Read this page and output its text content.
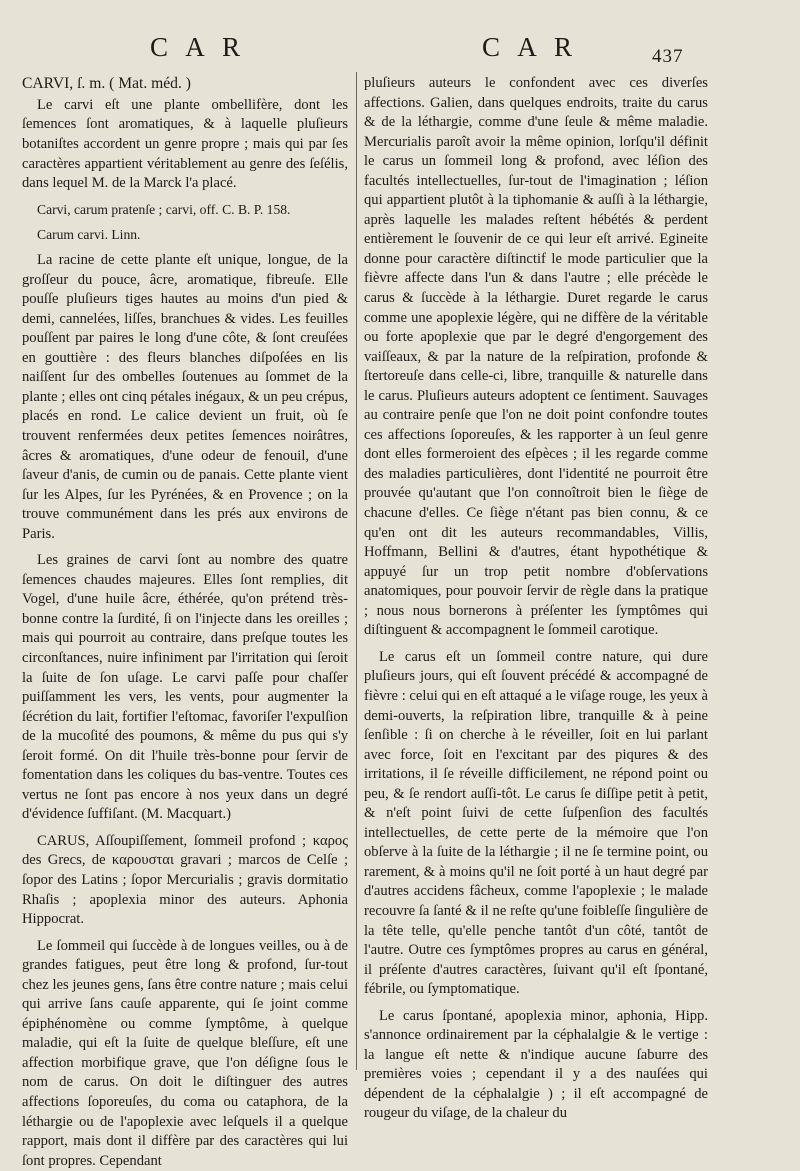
C A R	C A R	437

CARVI, ſ. m. ( Mat. méd. )

Le carvi eſt une plante ombellifère, dont les ſemences ſont aromatiques, & à laquelle pluſieurs botaniſtes accordent un genre propre ; mais qui par ſes caractères appartient véritablement au genre des ſeſélis, dans lequel M. de la Marck l'a placé.

Carvi, carum pratenſe ; carvi, off. C. B. P. 158.

Carum carvi. Linn.

La racine de cette plante eſt unique, longue, de la groſſeur du pouce, âcre, aromatique, fibreuſe. Elle pouſſe pluſieurs tiges hautes au moins d'un pied & demi, cannelées, liſſes, branchues & vides. Les feuilles pouſſent par paires le long d'une côte, & ſont creuſées en gouttière : des fleurs blanches diſpoſées en lis naiſſent ſur des ombelles ſoutenues au ſommet de la plante ; elles ont cinq pétales inégaux, & un peu crépus, placés en rond. Le calice devient un fruit, où ſe trouvent renfermées deux petites ſemences noirâtres, âcres & aromatiques, d'une odeur de fenouil, d'une ſaveur d'anis, de cumin ou de panais. Cette plante vient ſur les Alpes, ſur les Pyrénées, & en Provence ; on la trouve communément dans les prés aux environs de Paris.

Les graines de carvi ſont au nombre des quatre ſemences chaudes majeures. Elles ſont remplies, dit Vogel, d'une huile âcre, éthérée, qu'on prétend très-bonne contre la ſurdité, ſi on l'injecte dans les oreilles ; mais qui pourroit au contraire, dans preſque toutes les circonſtances, nuire infiniment par l'irritation qui ſeroit la ſuite de ſon uſage. Le carvi paſſe pour chaſſer puiſſamment les vers, les vents, pour augmenter la ſécrétion du lait, fortifier l'eſtomac, favoriſer l'expulſion de la mucoſité des poumons, & même du pus qui s'y ſeroit formé. On dit l'huile très-bonne pour ſervir de fomentation dans les coliques du bas-ventre. Toutes ces vertus ne ſont pas encore à nos yeux dans un degré d'évidence ſuffiſant. (M. Macquart.)

CARUS, Aſſoupiſſement, ſommeil profond ; καρος des Grecs, de καρουσται gravari ; marcos de Celſe ; ſopor des Latins ; ſopor Mercurialis ; gravis dormitatio Rhaſis ; apoplexia minor des auteurs. Aphonia Hippocrat.

Le ſommeil qui ſuccède à de longues veilles, ou à de grandes fatigues, peut être long & profond, ſur-tout chez les jeunes gens, ſans être contre nature ; mais celui qui arrive ſans cauſe apparente, qui ſe joint comme épiphénomène ou comme ſymptôme, à quelque maladie, qui eſt la ſuite de quelque bleſſure, eſt une affection morbifique grave, que l'on déſigne ſous le nom de carus. On doit le diſtinguer des autres affections ſoporeuſes, du coma ou cataphora, de la léthargie ou de l'apoplexie avec leſquels il a quelque rapport, mais dont il diffère par des caractères qui lui ſont propres. Cependant

pluſieurs auteurs le confondent avec ces diverſes affections. Galien, dans quelques endroits, traite du carus & de la léthargie, comme d'une ſeule & même maladie. Mercurialis paroît avoir la même opinion, lorſqu'il définit le carus un ſommeil long & profond, avec léſion des facultés intellectuelles, ſur-tout de l'imagination ; léſion qui appartient plutôt à la tiphomanie & auſſi à la léthargie, après laquelle les malades reſtent hébétés & perdent entièrement le ſouvenir de ce qui leur eſt arrivé. Egineite donne pour caractère diſtinctif le mode particulier que la fièvre affecte dans l'un & dans l'autre ; elle précède le carus & ſuccède à la léthargie. Duret regarde le carus comme une apoplexie légère, qui ne diffère de la véritable ou forte apoplexie que par le degré d'engorgement des vaiſſeaux, & par la nature de la reſpiration, profonde & ſtertoreuſe dans celle-ci, libre, tranquille & naturelle dans le carus. Pluſieurs auteurs adoptent ce ſentiment. Sauvages au contraire penſe que l'on ne doit point confondre toutes ces affections ſoporeuſes, & les rapporter à un ſeul genre dont elles formeroient des eſpèces ; il les regarde comme des maladies particulières, dont l'identité ne pourroit être prouvée qu'autant que l'on connoîtroit bien le ſiège de chacune d'elles. Ce ſiège n'étant pas bien connu, & ce qu'en ont dit les auteurs recommandables, Villis, Hoffmann, Bellini & d'autres, étant hypothétique & appuyé ſur un trop petit nombre d'obſervations anatomiques, pour pouvoir ſervir de règle dans la pratique ; nous nous bornerons à préſenter les ſymptômes qui diſtinguent & accompagnent le ſommeil carotique.

Le carus eſt un ſommeil contre nature, qui dure pluſieurs jours, qui eſt ſouvent précédé & accompagné de fièvre : celui qui en eſt attaqué a le viſage rouge, les yeux à demi-ouverts, la reſpiration libre, tranquille & à peine ſenſible : ſi on cherche à le réveiller, ſoit en lui parlant avec force, ſoit en l'excitant par des piqures & des irritations, il ſe réveille difficilement, ne répond point ou peu, & ſe rendort auſſi-tôt. Le carus ſe diſſipe petit à petit, & n'eſt point ſuivi de cette ſuſpenſion des facultés intellectuelles, de cette perte de la mémoire que l'on obſerve à la ſuite de la léthargie ; il ne ſe termine point, ou rarement, & à moins qu'il ne ſoit porté à un haut degré par d'autres accidens fâcheux, comme l'apoplexie ; le malade recouvre ſa ſanté & il ne reſte qu'une foibleſſe ſingulière de la tête telle, qu'elle penche tantôt d'un côté, tantôt de l'autre. Outre ces ſymptômes propres au carus en général, il préſente d'autres caractères, ſuivant qu'il eſt ſpontané, fébrile, ou ſymptomatique.

Le carus ſpontané, apoplexia minor, aphonia, Hipp. s'annonce ordinairement par la céphalalgie & le vertige : la langue eſt nette & n'indique aucune ſaburre des premières voies ; cependant il y a des nauſées qui dépendent de la céphalalgie ) ; il eſt accompagné de rougeur du viſage, de la chaleur du
